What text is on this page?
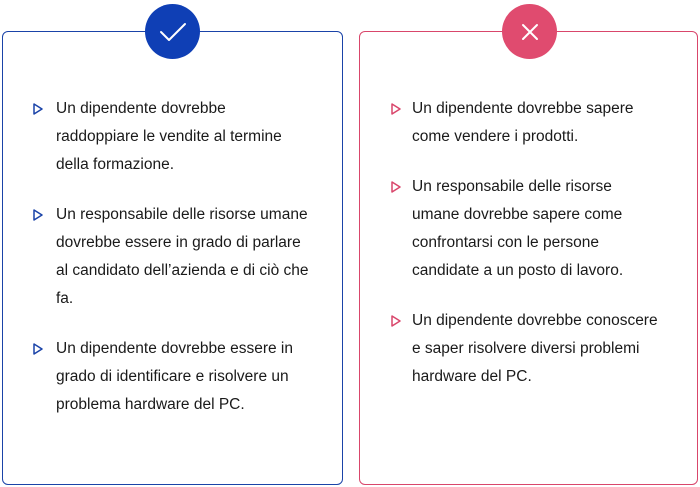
Un dipendente dovrebbe raddoppiare le vendite al termine della formazione.
Un responsabile delle risorse umane dovrebbe essere in grado di parlare al candidato dell’azienda e di ciò che fa.
Un dipendente dovrebbe essere in grado di identificare e risolvere un problema hardware del PC.
Un dipendente dovrebbe sapere come vendere i prodotti.
Un responsabile delle risorse umane dovrebbe sapere come confrontarsi con le persone candidate a un posto di lavoro.
Un dipendente dovrebbe conoscere e saper risolvere diversi problemi hardware del PC.
